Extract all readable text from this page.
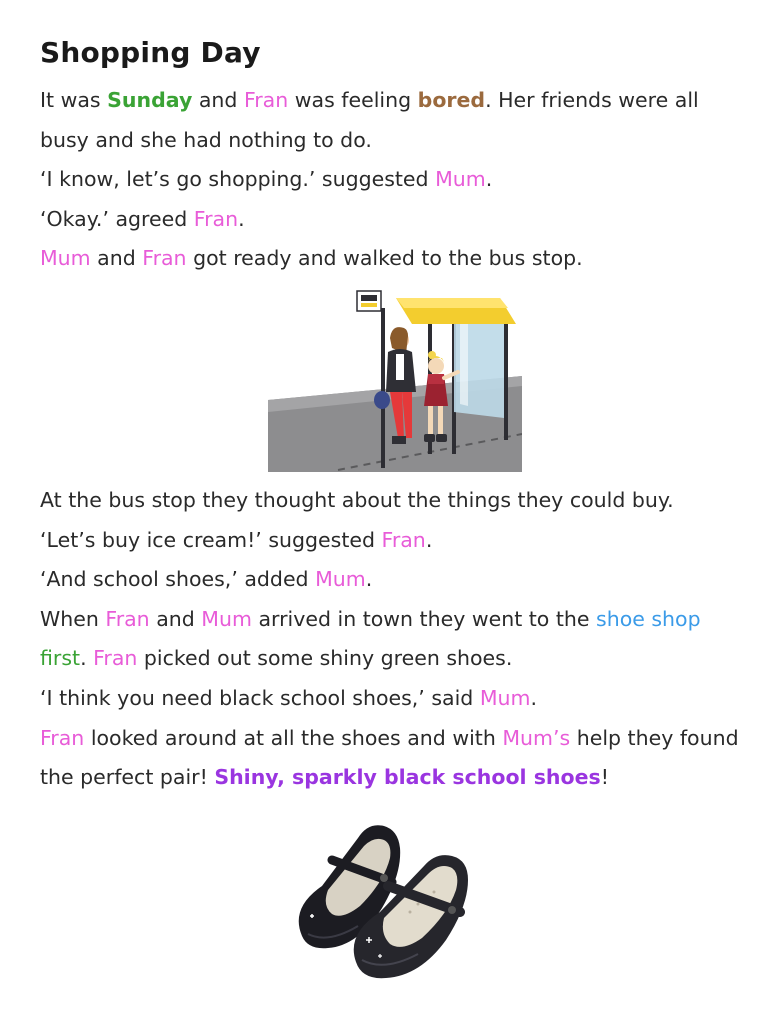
Shopping Day

It was Sunday and Fran was feeling bored. Her friends were all busy and she had nothing to do.
‘I know, let’s go shopping.’ suggested Mum.
‘Okay.’ agreed Fran.
Mum and Fran got ready and walked to the bus stop.

At the bus stop they thought about the things they could buy.
‘Let’s buy ice cream!’ suggested Fran.
‘And school shoes,’ added Mum.
When Fran and Mum arrived in town they went to the shoe shop first. Fran picked out some shiny green shoes.
‘I think you need black school shoes,’ said Mum.
Fran looked around at all the shoes and with Mum’s help they found the perfect pair! Shiny, sparkly black school shoes!
